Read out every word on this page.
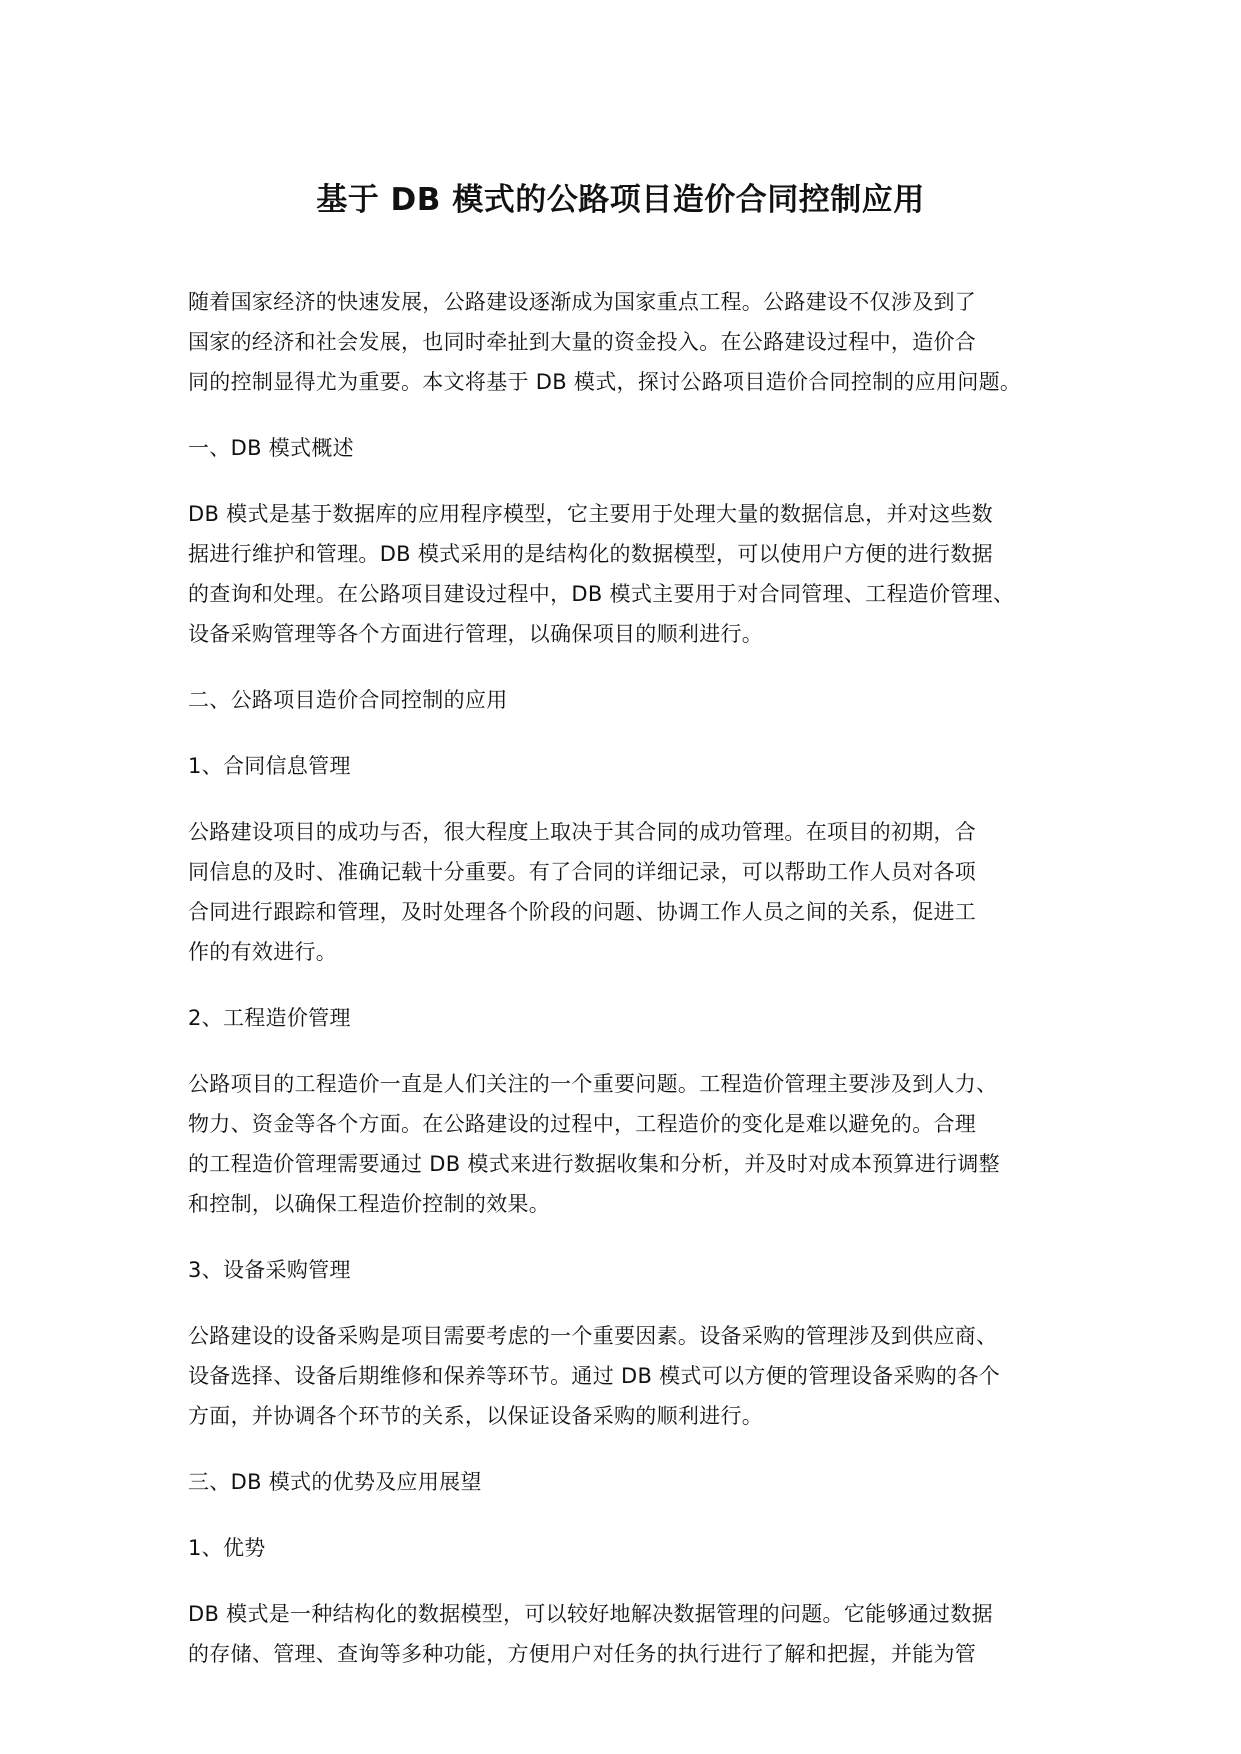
基于 DB 模式的公路项目造价合同控制应用

随着国家经济的快速发展，公路建设逐渐成为国家重点工程。公路建设不仅涉及到了
国家的经济和社会发展，也同时牵扯到大量的资金投入。在公路建设过程中，造价合
同的控制显得尤为重要。本文将基于 DB 模式，探讨公路项目造价合同控制的应用问题。

一、DB 模式概述

DB 模式是基于数据库的应用程序模型，它主要用于处理大量的数据信息，并对这些数
据进行维护和管理。DB 模式采用的是结构化的数据模型，可以使用户方便的进行数据
的查询和处理。在公路项目建设过程中，DB 模式主要用于对合同管理、工程造价管理、
设备采购管理等各个方面进行管理，以确保项目的顺利进行。

二、公路项目造价合同控制的应用
1、合同信息管理

公路建设项目的成功与否，很大程度上取决于其合同的成功管理。在项目的初期，合
同信息的及时、准确记载十分重要。有了合同的详细记录，可以帮助工作人员对各项
合同进行跟踪和管理，及时处理各个阶段的问题、协调工作人员之间的关系，促进工
作的有效进行。

2、工程造价管理

公路项目的工程造价一直是人们关注的一个重要问题。工程造价管理主要涉及到人力、
物力、资金等各个方面。在公路建设的过程中，工程造价的变化是难以避免的。合理
的工程造价管理需要通过 DB 模式来进行数据收集和分析，并及时对成本预算进行调整
和控制，以确保工程造价控制的效果。

3、设备采购管理

公路建设的设备采购是项目需要考虑的一个重要因素。设备采购的管理涉及到供应商、
设备选择、设备后期维修和保养等环节。通过 DB 模式可以方便的管理设备采购的各个
方面，并协调各个环节的关系，以保证设备采购的顺利进行。

三、DB 模式的优势及应用展望
1、优势

DB 模式是一种结构化的数据模型，可以较好地解决数据管理的问题。它能够通过数据
的存储、管理、查询等多种功能，方便用户对任务的执行进行了解和把握，并能为管
